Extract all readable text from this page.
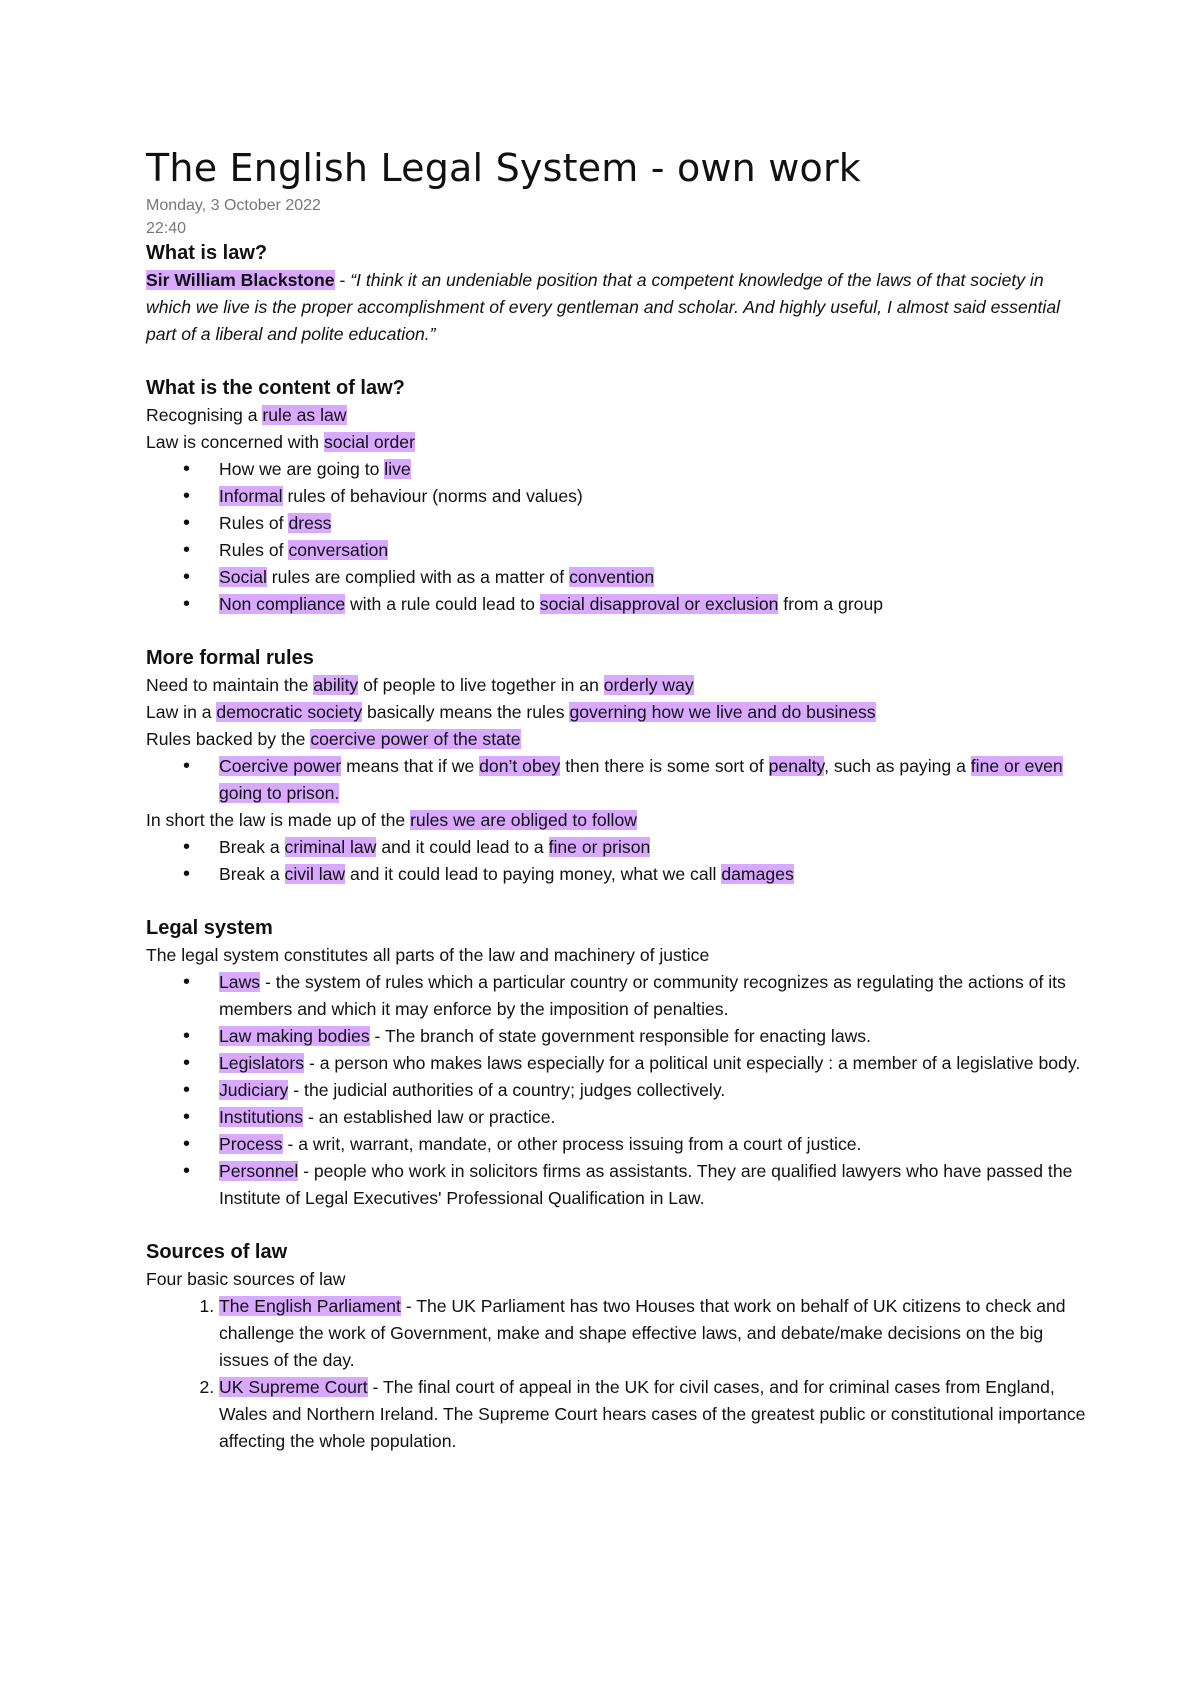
The English Legal System - own work
Monday, 3 October 2022
22:40
What is law?

Sir William Blackstone - “I think it an undeniable position that a competent knowledge of the laws of that society in which we live is the proper accomplishment of every gentleman and scholar. And highly useful, I almost said essential part of a liberal and polite education.”

What is the content of law?

Recognising a rule as law

Law is concerned with social order

• How we are going to live
• Informal rules of behaviour (norms and values)
• Rules of dress
• Rules of conversation
• Social rules are complied with as a matter of convention
• Non compliance with a rule could lead to social disapproval or exclusion from a group
More formal rules

Need to maintain the ability of people to live together in an orderly way

Law in a democratic society basically means the rules governing how we live and do business

Rules backed by the coercive power of the state

• Coercive power means that if we don’t obey then there is some sort of penalty, such as paying a fine or even going to prison.

In short the law is made up of the rules we are obliged to follow

• Break a criminal law and it could lead to a fine or prison
• Break a civil law and it could lead to paying money, what we call damages
Legal system

The legal system constitutes all parts of the law and machinery of justice

• Laws - the system of rules which a particular country or community recognizes as regulating the actions of its members and which it may enforce by the imposition of penalties.
• Law making bodies - The branch of state government responsible for enacting laws.
• Legislators - a person who makes laws especially for a political unit especially : a member of a legislative body.
• Judiciary - the judicial authorities of a country; judges collectively.
• Institutions - an established law or practice.
• Process - a writ, warrant, mandate, or other process issuing from a court of justice.
• Personnel - people who work in solicitors firms as assistants. They are qualified lawyers who have passed the Institute of Legal Executives' Professional Qualification in Law.
Sources of law

Four basic sources of law

1. The English Parliament - The UK Parliament has two Houses that work on behalf of UK citizens to check and challenge the work of Government, make and shape effective laws, and debate/make decisions on the big issues of the day.
2. UK Supreme Court - The final court of appeal in the UK for civil cases, and for criminal cases from England, Wales and Northern Ireland. The Supreme Court hears cases of the greatest public or constitutional importance affecting the whole population.
